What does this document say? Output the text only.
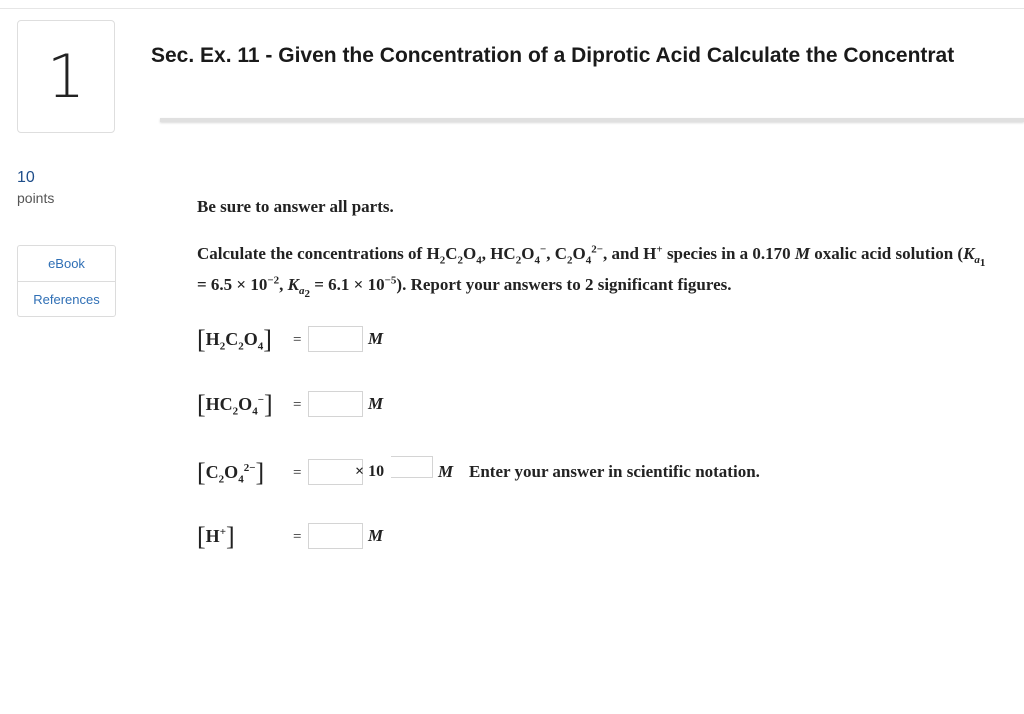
1	Sec. Ex. 11 - Given the Concentration of a Diprotic Acid Calculate the Concentrat
10
points
eBook
References
Be sure to answer all parts.
Calculate the concentrations of $H_2C_2O_4$, $HC_2O_4^-$, $C_2O_4^{2-}$, and H+ species in a 0.170 M oxalic acid solution ($K_{a_1} = 6.5 \times 10^{-2}$, $K_{a_2} = 6.1 \times 10^{-5}$). Report your answers to 2 significant figures.
$[H_2C_2O_4]$ =	M
$[HC_2O_4^-]$ =	M
$[C_2O_4^{2-}]$ =	× 10	M Enter your answer in scientific notation.
[H+]	=	M
